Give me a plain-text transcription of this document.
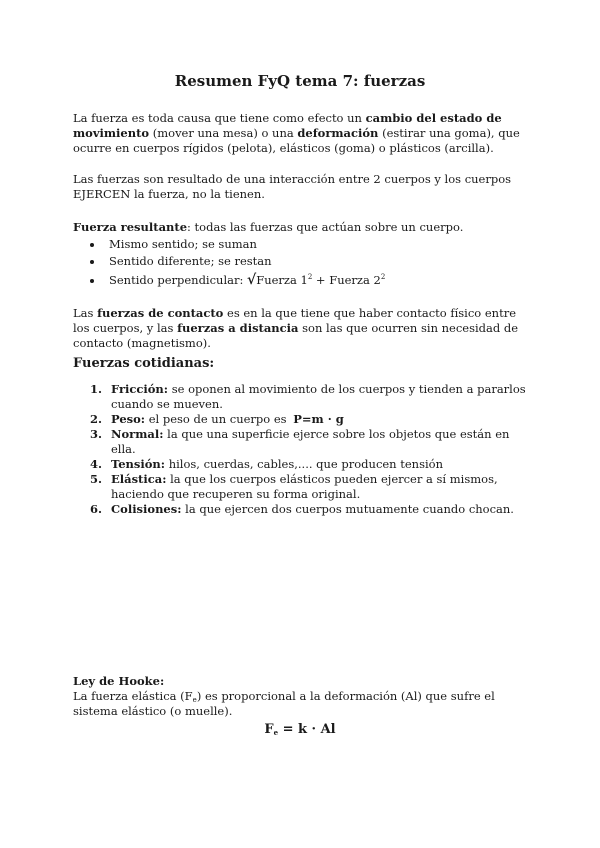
Resumen FyQ tema 7: fuerzas

La fuerza es toda causa que tiene como efecto un cambio del estado de movimiento (mover una mesa) o una deformación (estirar una goma), que ocurre en cuerpos rígidos (pelota), elásticos (goma) o plásticos (arcilla).

Las fuerzas son resultado de una interacción entre 2 cuerpos y los cuerpos EJERCEN la fuerza, no la tienen.

Fuerza resultante: todas las fuerzas que actúan sobre un cuerpo.

Mismo sentido; se suman
Sentido diferente; se restan
Sentido perpendicular: √Fuerza $1^2$ + Fuerza $2^2$

Las fuerzas de contacto es en la que tiene que haber contacto físico entre los cuerpos, y las fuerzas a distancia son las que ocurren sin necesidad de contacto (magnetismo).

Fuerzas cotidianas:
1. Fricción: se oponen al movimiento de los cuerpos y tienden a pararlos cuando se mueven.
2. Peso: el peso de un cuerpo es P=m · g
3. Normal: la que una superficie ejerce sobre los objetos que están en ella.
4. Tensión: hilos, cuerdas, cables,.... que producen tensión
5. Elástica: la que los cuerpos elásticos pueden ejercer a sí mismos, haciendo que recuperen su forma original.
6. Colisiones: la que ejercen dos cuerpos mutuamente cuando chocan.

Ley de Hooke:

La fuerza elástica $(F_e)$ es proporcional a la deformación (Al) que sufre el sistema elástico (o muelle).

$F_e = k \cdot Al$
